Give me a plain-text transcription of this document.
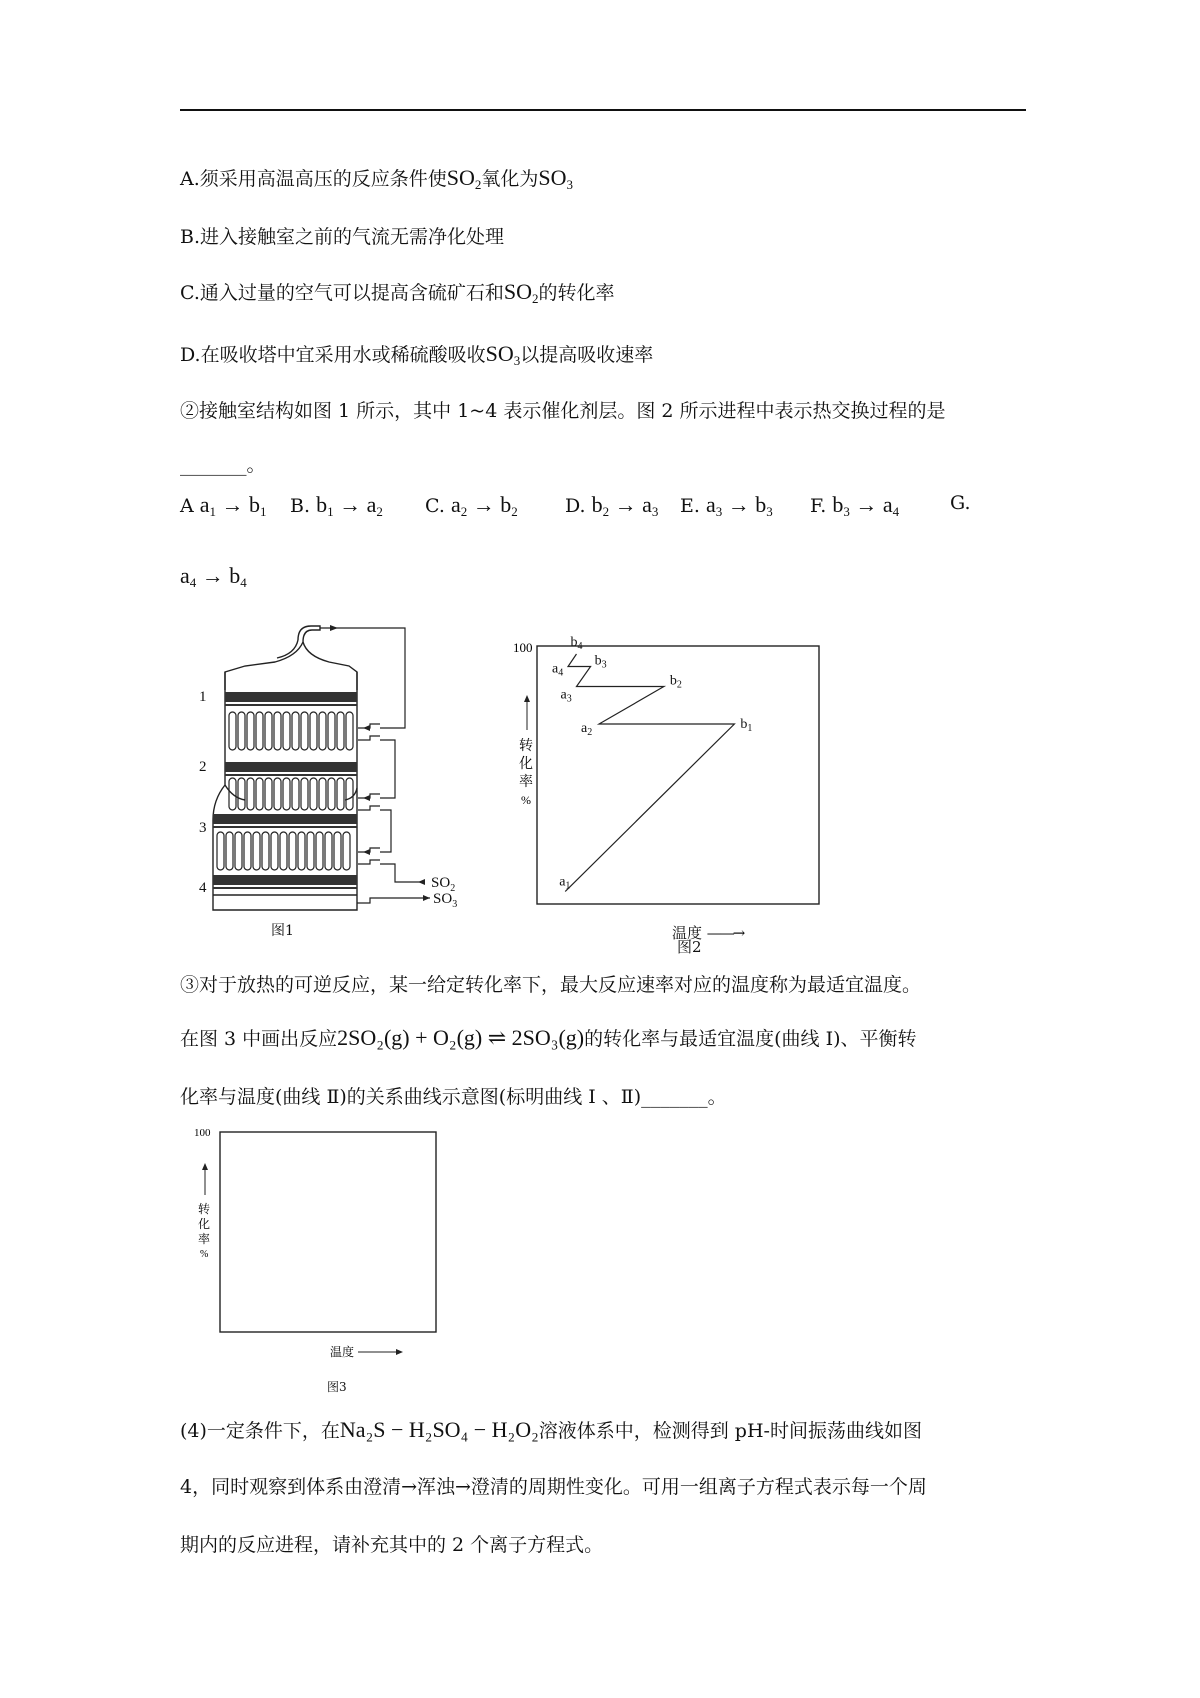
A.须采用高温高压的反应条件使$SO_2$氧化为$SO_3$
B.进入接触室之前的气流无需净化处理
C.通入过量的空气可以提高含硫矿石和$SO_2$的转化率
D.在吸收塔中宜采用水或稀硫酸吸收$SO_3$以提高吸收速率
②接触室结构如图 1 所示，其中 1~4 表示催化剂层。图 2 所示进程中表示热交换过程的是
_______。
A $a_1 \to b_1$ B. $b_1 \to a_2$ C. $a_2 \to b_2$ D. $b_2 \to a_3$ E. $a_3 \to b_3$ F. $b_3 \to a_4$	G.
$a_4 \to b_4$
1
2
3
4	$SO_2$
$SO_3$
图1
$a_1$
$b_1$
$a_2$
$b_2$
$a_3$
$b_3$
$a_4$
$b_4$
100
转
化
率
%
温度 ——→
图2
③对于放热的可逆反应，某一给定转化率下，最大反应速率对应的温度称为最适宜温度。
在图 3 中画出反应2SO₂(g) + O₂(g) ⇌ 2SO₃(g)的转化率与最适宜温度(曲线 Ⅰ)、平衡转
化率与温度(曲线 Ⅱ)的关系曲线示意图(标明曲线 Ⅰ 、Ⅱ)_______。
100
转
化
率
%
温度
图3
(4)一定条件下，在Na₂S − H₂SO₄ − H₂O₂溶液体系中，检测得到 pH-时间振荡曲线如图
4，同时观察到体系由澄清→浑浊→澄清的周期性变化。可用一组离子方程式表示每一个周
期内的反应进程，请补充其中的 2 个离子方程式。
